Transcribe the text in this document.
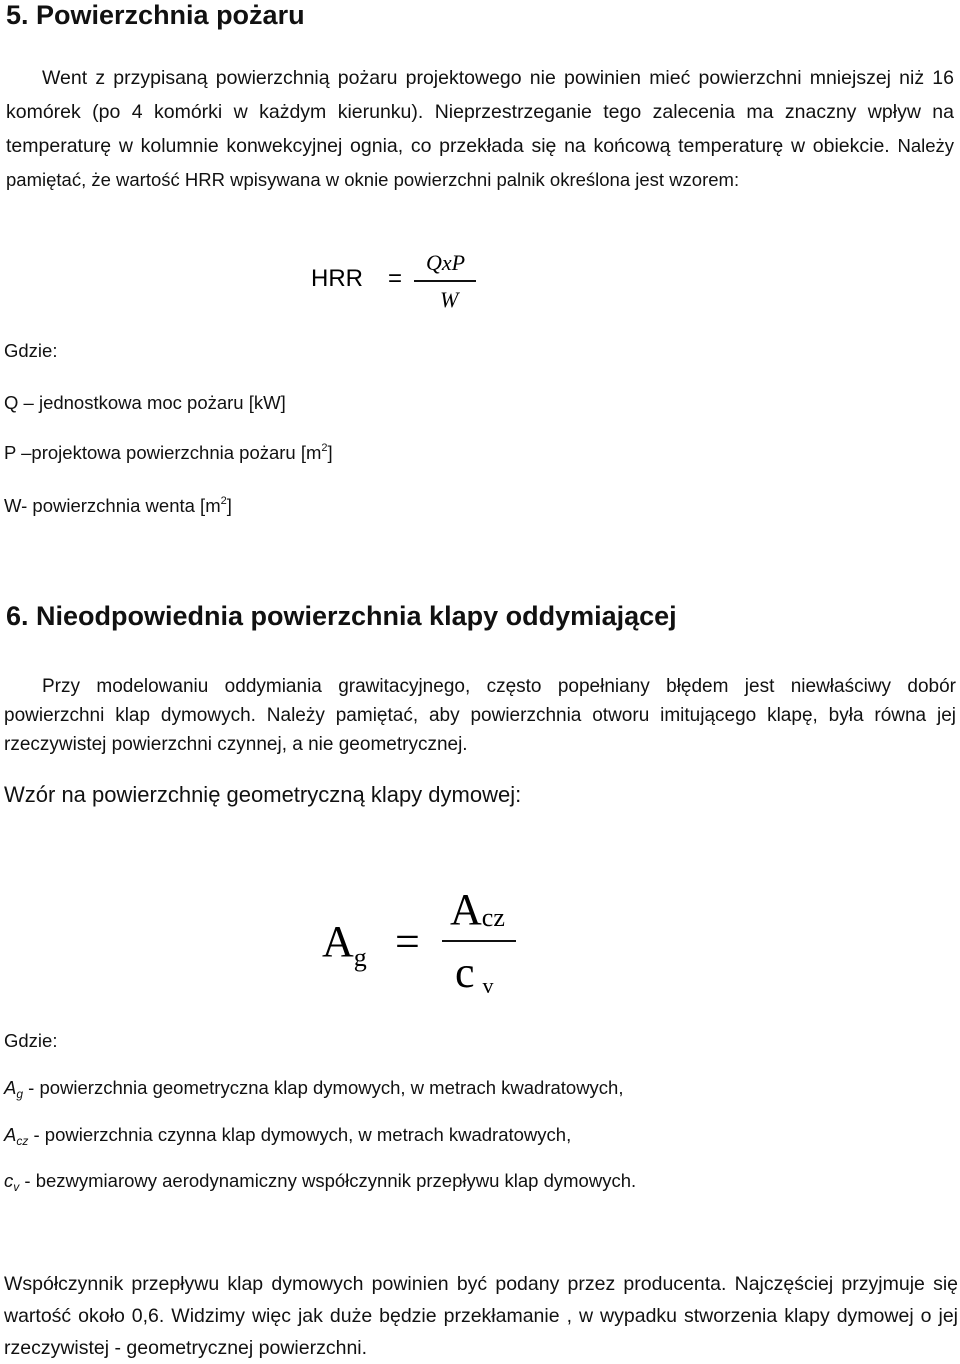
5. Powierzchnia pożaru
Went z przypisaną powierzchnią pożaru projektowego nie powinien mieć powierzchni mniejszej niż 16 komórek (po 4 komórki w każdym kierunku). Nieprzestrzeganie tego zalecenia ma znaczny wpływ na temperaturę w kolumnie konwekcyjnej ognia, co przekłada się na końcową temperaturę w obiekcie. Należy pamiętać, że wartość HRR wpisywana w oknie powierzchni palnik określona jest wzorem:
HRR =
QxP
W
Gdzie:
Q – jednostkowa moc pożaru [kW]
P –projektowa powierzchnia pożaru $[m^2]$
W- powierzchnia wenta $[m^2]$
6. Nieodpowiednia powierzchnia klapy oddymiającej
Przy modelowaniu oddymiania grawitacyjnego, często popełniany błędem jest niewłaściwy dobór powierzchni klap dymowych. Należy pamiętać, aby powierzchnia otworu imitującego klapę, była równa jej rzeczywistej powierzchni czynnej, a nie geometrycznej.
Wzór na powierzchnię geometryczną klapy dymowej:
$A_g$ =
Acz
cv
Gdzie:
$A_g$ - powierzchnia geometryczna klap dymowych, w metrach kwadratowych,
$A_{cz}$ - powierzchnia czynna klap dymowych, w metrach kwadratowych,
$c_v$ - bezwymiarowy aerodynamiczny współczynnik przepływu klap dymowych.
Współczynnik przepływu klap dymowych powinien być podany przez producenta. Najczęściej przyjmuje się wartość około 0,6. Widzimy więc jak duże będzie przekłamanie , w wypadku stworzenia klapy dymowej o jej rzeczywistej - geometrycznej powierzchni.
